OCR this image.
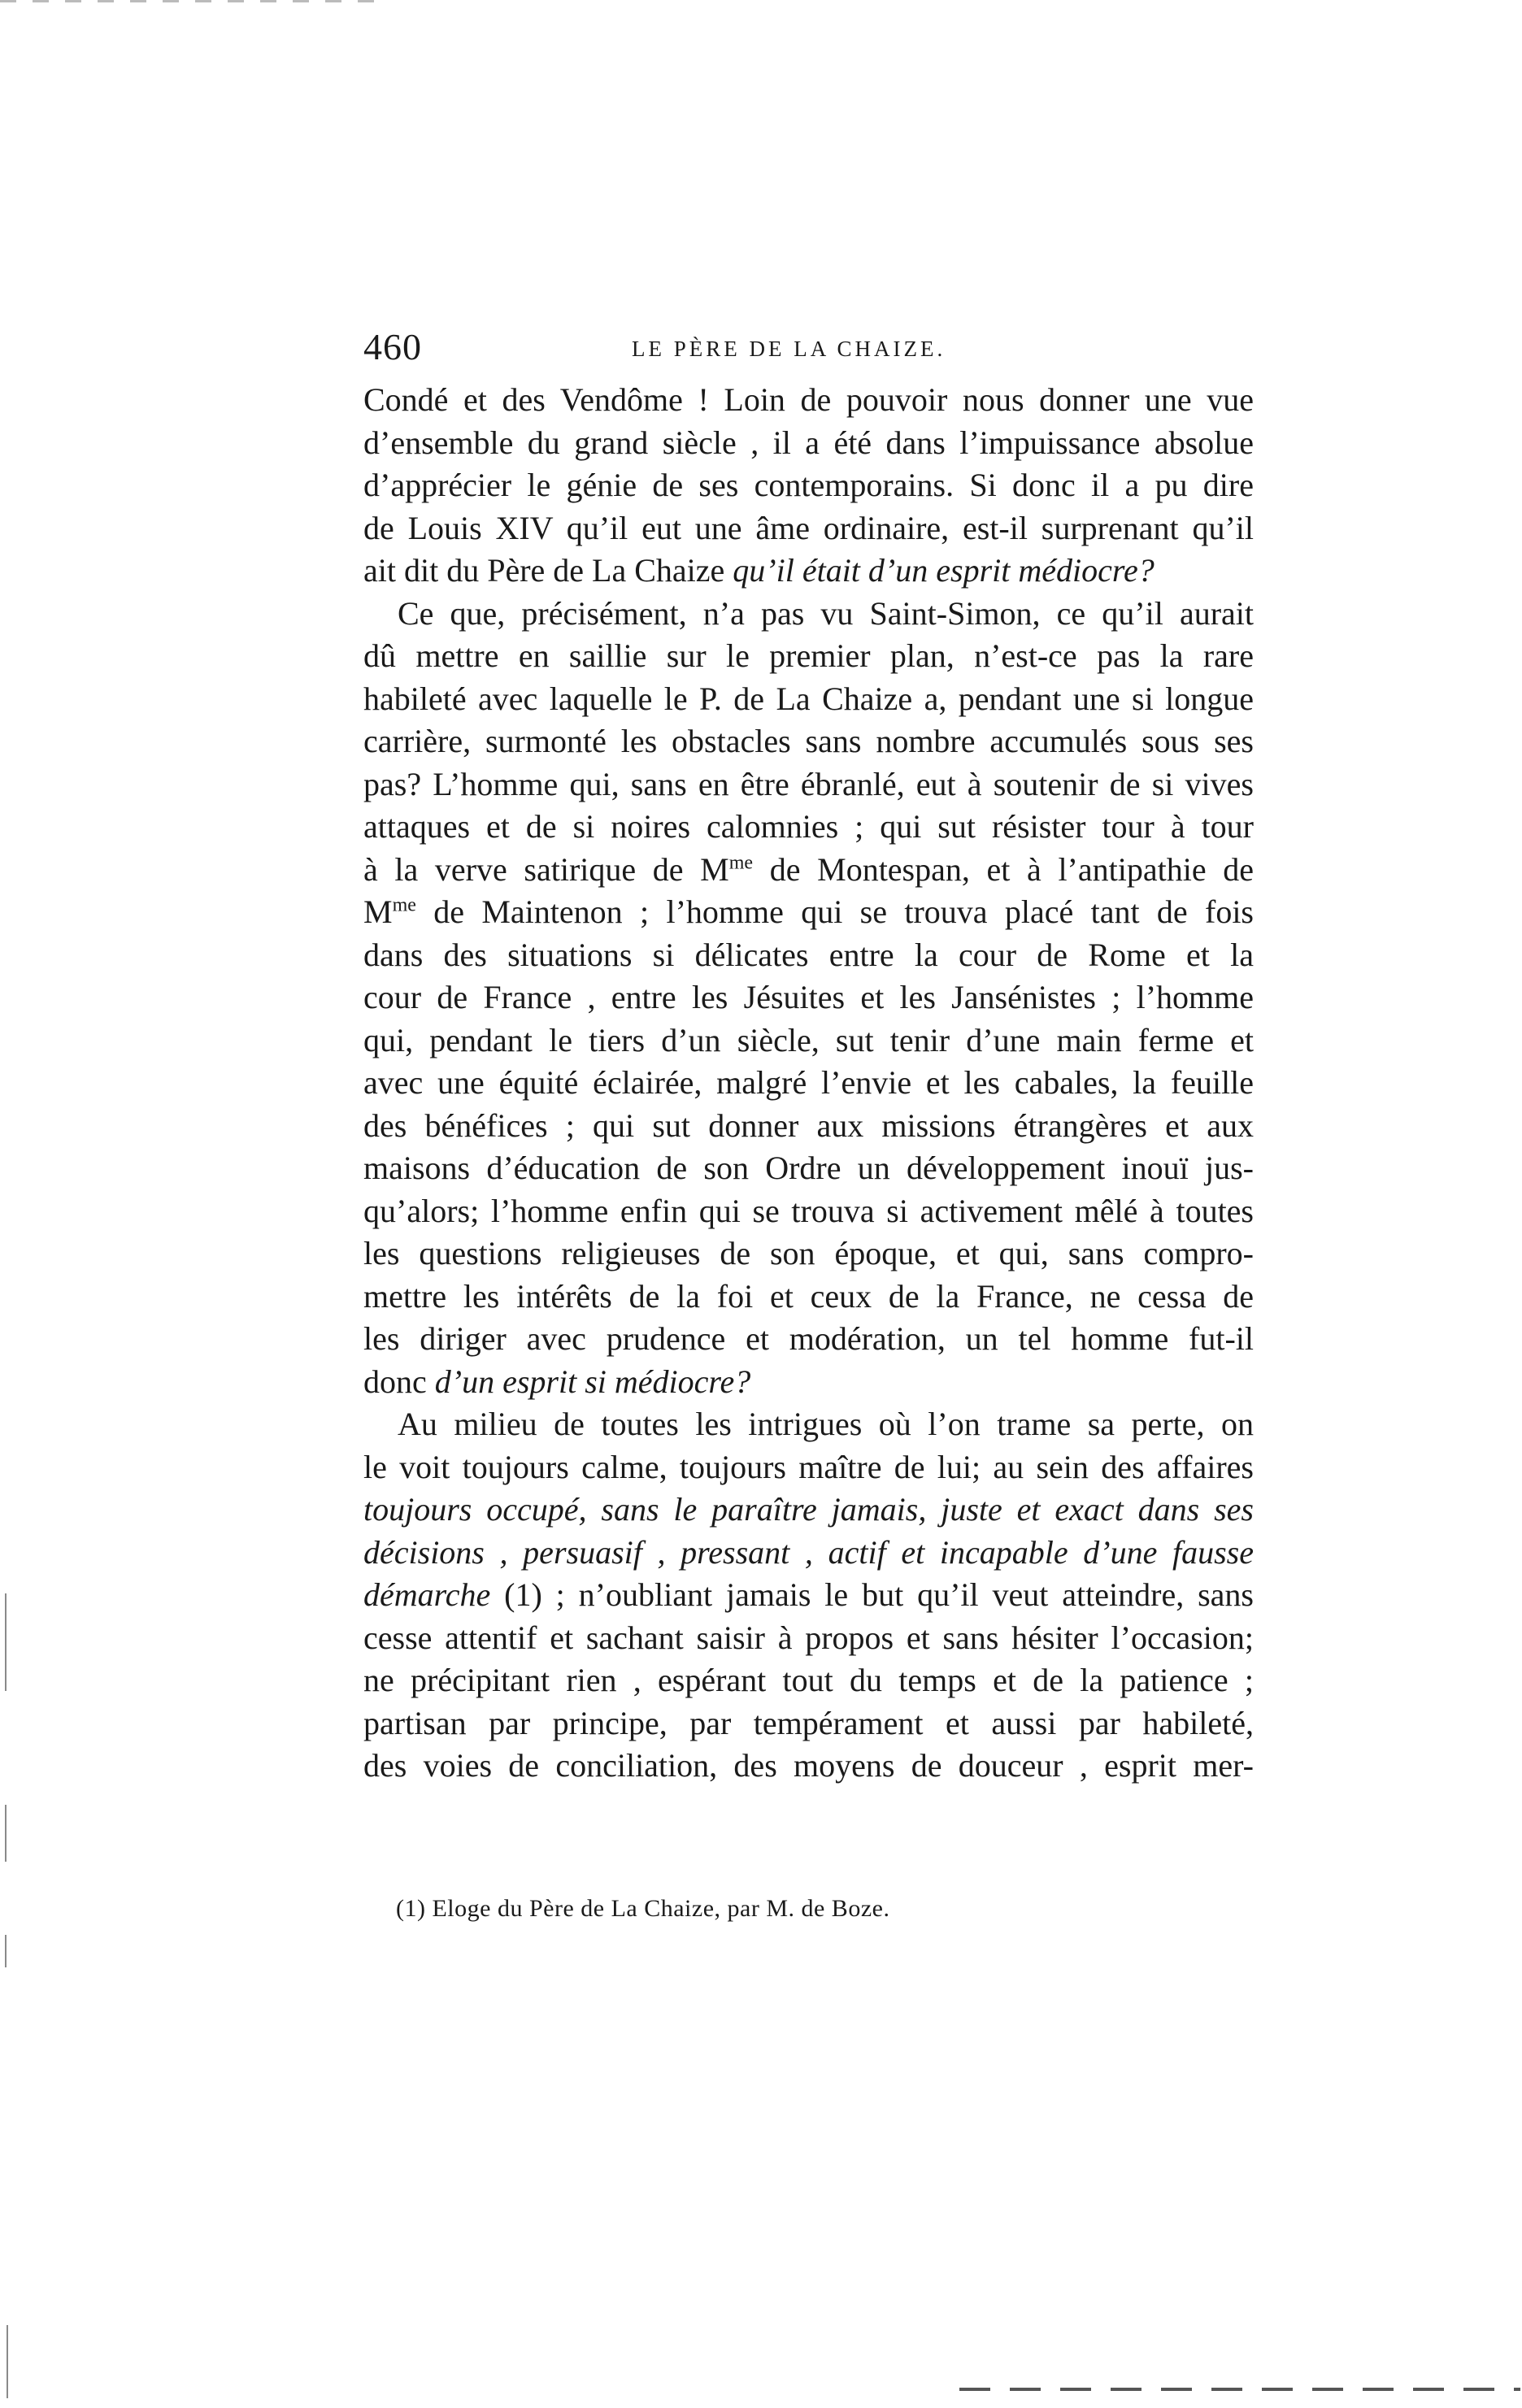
460	LE PÈRE DE LA CHAIZE.
Condé et des Vendôme ! Loin de pouvoir nous donner une vue
d’ensemble du grand siècle , il a été dans l’impuissance absolue
d’apprécier le génie de ses contemporains. Si donc il a pu dire
de Louis XIV qu’il eut une âme ordinaire, est-il surprenant qu’il
ait dit du Père de La Chaize qu’il était d’un esprit médiocre?
Ce que, précisément, n’a pas vu Saint-Simon, ce qu’il aurait
dû mettre en saillie sur le premier plan, n’est-ce pas la rare
habileté avec laquelle le P. de La Chaize a, pendant une si longue
carrière, surmonté les obstacles sans nombre accumulés sous ses
pas? L’homme qui, sans en être ébranlé, eut à soutenir de si vives
attaques et de si noires calomnies ; qui sut résister tour à tour
à la verve satirique de $M^{me}$ de Montespan, et à l’antipathie de
$M^{me}$ de Maintenon ; l’homme qui se trouva placé tant de fois
dans des situations si délicates entre la cour de Rome et la
cour de France , entre les Jésuites et les Jansénistes ; l’homme
qui, pendant le tiers d’un siècle, sut tenir d’une main ferme et
avec une équité éclairée, malgré l’envie et les cabales, la feuille
des bénéfices ; qui sut donner aux missions étrangères et aux
maisons d’éducation de son Ordre un développement inouï jus-
qu’alors; l’homme enfin qui se trouva si activement mêlé à toutes
les questions religieuses de son époque, et qui, sans compro-
mettre les intérêts de la foi et ceux de la France, ne cessa de
les diriger avec prudence et modération, un tel homme fut-il
donc d’un esprit si médiocre?
Au milieu de toutes les intrigues où l’on trame sa perte, on
le voit toujours calme, toujours maître de lui; au sein des affaires
toujours occupé, sans le paraître jamais, juste et exact dans ses
décisions , persuasif , pressant , actif et incapable d’une fausse
démarche (1) ; n’oubliant jamais le but qu’il veut atteindre, sans
cesse attentif et sachant saisir à propos et sans hésiter l’occasion;
ne précipitant rien , espérant tout du temps et de la patience ;
partisan par principe, par tempérament et aussi par habileté,
des voies de conciliation, des moyens de douceur , esprit mer-
(1) Eloge du Père de La Chaize, par M. de Boze.
